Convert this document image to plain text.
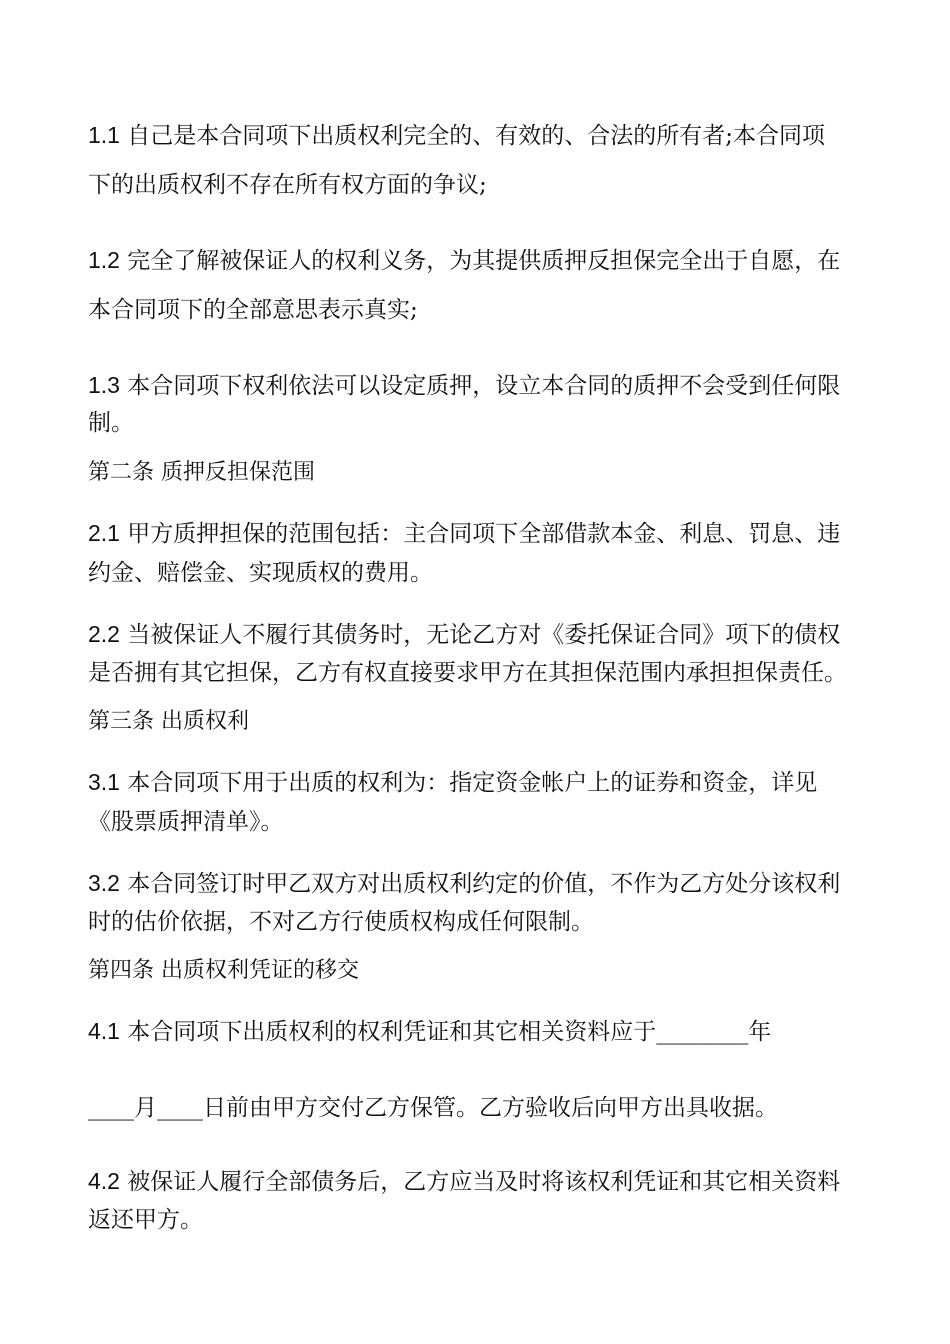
1.1 自己是本合同项下出质权利完全的、有效的、合法的所有者;本合同项
下的出质权利不存在所有权方面的争议;
1.2 完全了解被保证人的权利义务，为其提供质押反担保完全出于自愿，在
本合同项下的全部意思表示真实;
1.3 本合同项下权利依法可以设定质押，设立本合同的质押不会受到任何限
制。
第二条 质押反担保范围
2.1 甲方质押担保的范围包括：主合同项下全部借款本金、利息、罚息、违
约金、赔偿金、实现质权的费用。
2.2 当被保证人不履行其债务时，无论乙方对《委托保证合同》项下的债权
是否拥有其它担保，乙方有权直接要求甲方在其担保范围内承担担保责任。
第三条 出质权利
3.1 本合同项下用于出质的权利为：指定资金帐户上的证券和资金，详见
《股票质押清单》。
3.2 本合同签订时甲乙双方对出质权利约定的价值，不作为乙方处分该权利
时的估价依据，不对乙方行使质权构成任何限制。
第四条 出质权利凭证的移交
4.1 本合同项下出质权利的权利凭证和其它相关资料应于________年
____月____日前由甲方交付乙方保管。乙方验收后向甲方出具收据。
4.2 被保证人履行全部债务后，乙方应当及时将该权利凭证和其它相关资料
返还甲方。
